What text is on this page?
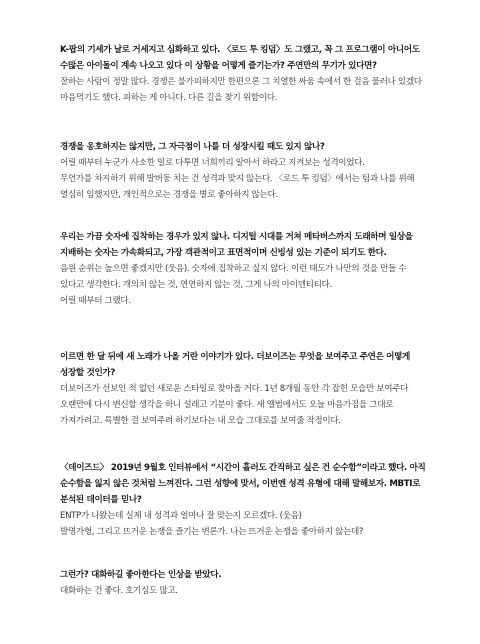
K-팝의 기세가 날로 거세지고 심화하고 있다. 〈로드 투 킹덤〉도 그랬고, 꼭 그 프로그램이 아니어도 수많은 아이돌이 계속 나오고 있다 이 상황을 어떻게 즐기는가? 주연만의 무기가 있다면?

잘하는 사람이 정말 많다. 경쟁은 불가피하지만 한편으론 그 치열한 싸움 속에서 한 걸음 물러나 있겠다 마음먹기도 했다. 피하는 게 아니다. 다른 길을 찾기 위함이다.

경쟁을 옹호하지는 않지만, 그 자극점이 나를 더 성장시킬 때도 있지 않나?

어릴 때부터 누군가 사소한 일로 다투면 너희끼리 알아서 하라고 지켜보는 성격이었다.

무언가를 차지하기 위해 발버둥 치는 건 성격과 맞지 않는다. 〈로드 투 킹덤〉에서는 팀과 나를 위해 열심히 임했지만, 개인적으로는 경쟁을 별로 좋아하지 않는다.

우리는 가끔 숫자에 집착하는 경우가 있지 않나. 디지털 시대를 거쳐 메타버스까지 도래하며 일상을 지배하는 숫자는 가속화되고, 가장 객관적이고 표면적이며 신빙성 있는 기준이 되기도 한다.

음원 순위는 높으면 좋겠지만 (웃음). 숫자에 집착하고 싶지 않다. 이런 태도가 나만의 것을 만들 수 있다고 생각한다. 개의치 않는 것, 연연하지 않는 것, 그게 나의 아이덴티티다.

어릴 때부터 그랬다.

이르면 한 달 뒤에 새 노래가 나올 거란 이야기가 있다. 더보이즈는 무엇을 보여주고 주연은 어떻게 성장할 것인가?

더보이즈가 선보인 적 없던 새로운 스타일로 찾아올 거다. 1년 8개월 동안 각 잡힌 모습만 보여주다 오랜만에 다시 변신할 생각을 하니 설레고 기분이 좋다. 새 앨범에서도 오늘 마음가짐을 그대로 가져가려고. 특별한 걸 보여주려 하기보다는 내 모습 그대로를 보여줄 작정이다.

〈데이즈드〉 2019년 9월호 인터뷰에서 “시간이 흘러도 간직하고 싶은 건 순수함”이라고 했다. 아직 순수함을 잃지 않은 것처럼 느껴진다. 그런 성향에 맞서, 이번엔 성격 유형에 대해 말해보자. MBTI로 분석된 데이터를 믿나?

ENTP가 나왔는데 실제 내 성격과 얼마나 잘 맞는지 모르겠다. (웃음)

발명가형, 그리고 뜨거운 논쟁을 즐기는 변론가. 나는 뜨거운 논쟁을 좋아하지 않는데?

그런가? 대화하길 좋아한다는 인상을 받았다.

대화하는 건 좋다. 호기심도 많고.
